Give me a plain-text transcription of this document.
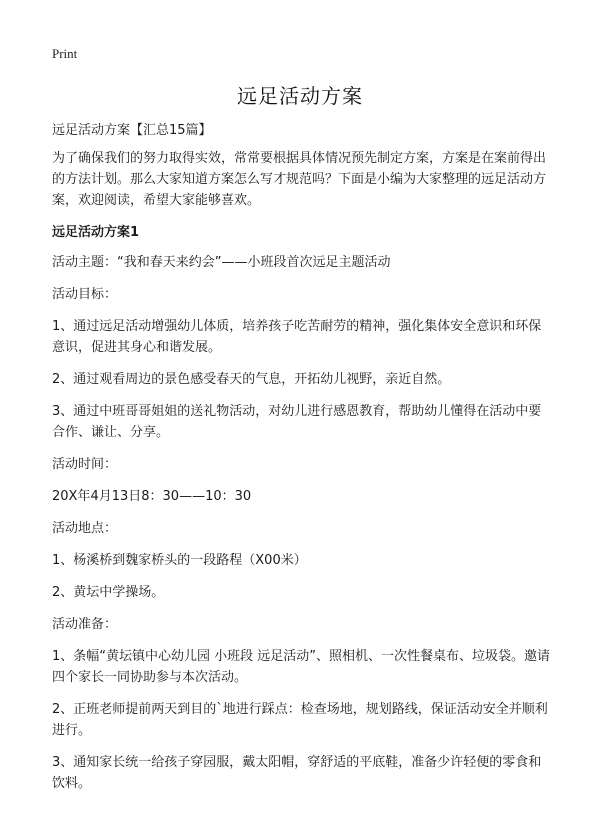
Print
远足活动方案

远足活动方案【汇总15篇】

为了确保我们的努力取得实效，常常要根据具体情况预先制定方案，方案是在案前得出的方法计划。那么大家知道方案怎么写才规范吗？下面是小编为大家整理的远足活动方案，欢迎阅读，希望大家能够喜欢。

远足活动方案1

活动主题：“我和春天来约会”——小班段首次远足主题活动

活动目标：

1、通过远足活动增强幼儿体质，培养孩子吃苦耐劳的精神，强化集体安全意识和环保意识，促进其身心和谐发展。

2、通过观看周边的景色感受春天的气息，开拓幼儿视野，亲近自然。

3、通过中班哥哥姐姐的送礼物活动，对幼儿进行感恩教育，帮助幼儿懂得在活动中要合作、谦让、分享。

活动时间：

20X年4月13日8：30——10：30

活动地点：

1、杨溪桥到魏家桥头的一段路程（X00米）

2、黄坛中学操场。

活动准备：

1、条幅“黄坛镇中心幼儿园 小班段 远足活动”、照相机、一次性餐桌布、垃圾袋。邀请四个家长一同协助参与本次活动。

2、正班老师提前两天到目的`地进行踩点：检查场地，规划路线，保证活动安全并顺利进行。

3、通知家长统一给孩子穿园服，戴太阳帽，穿舒适的平底鞋，准备少许轻便的零食和饮料。
